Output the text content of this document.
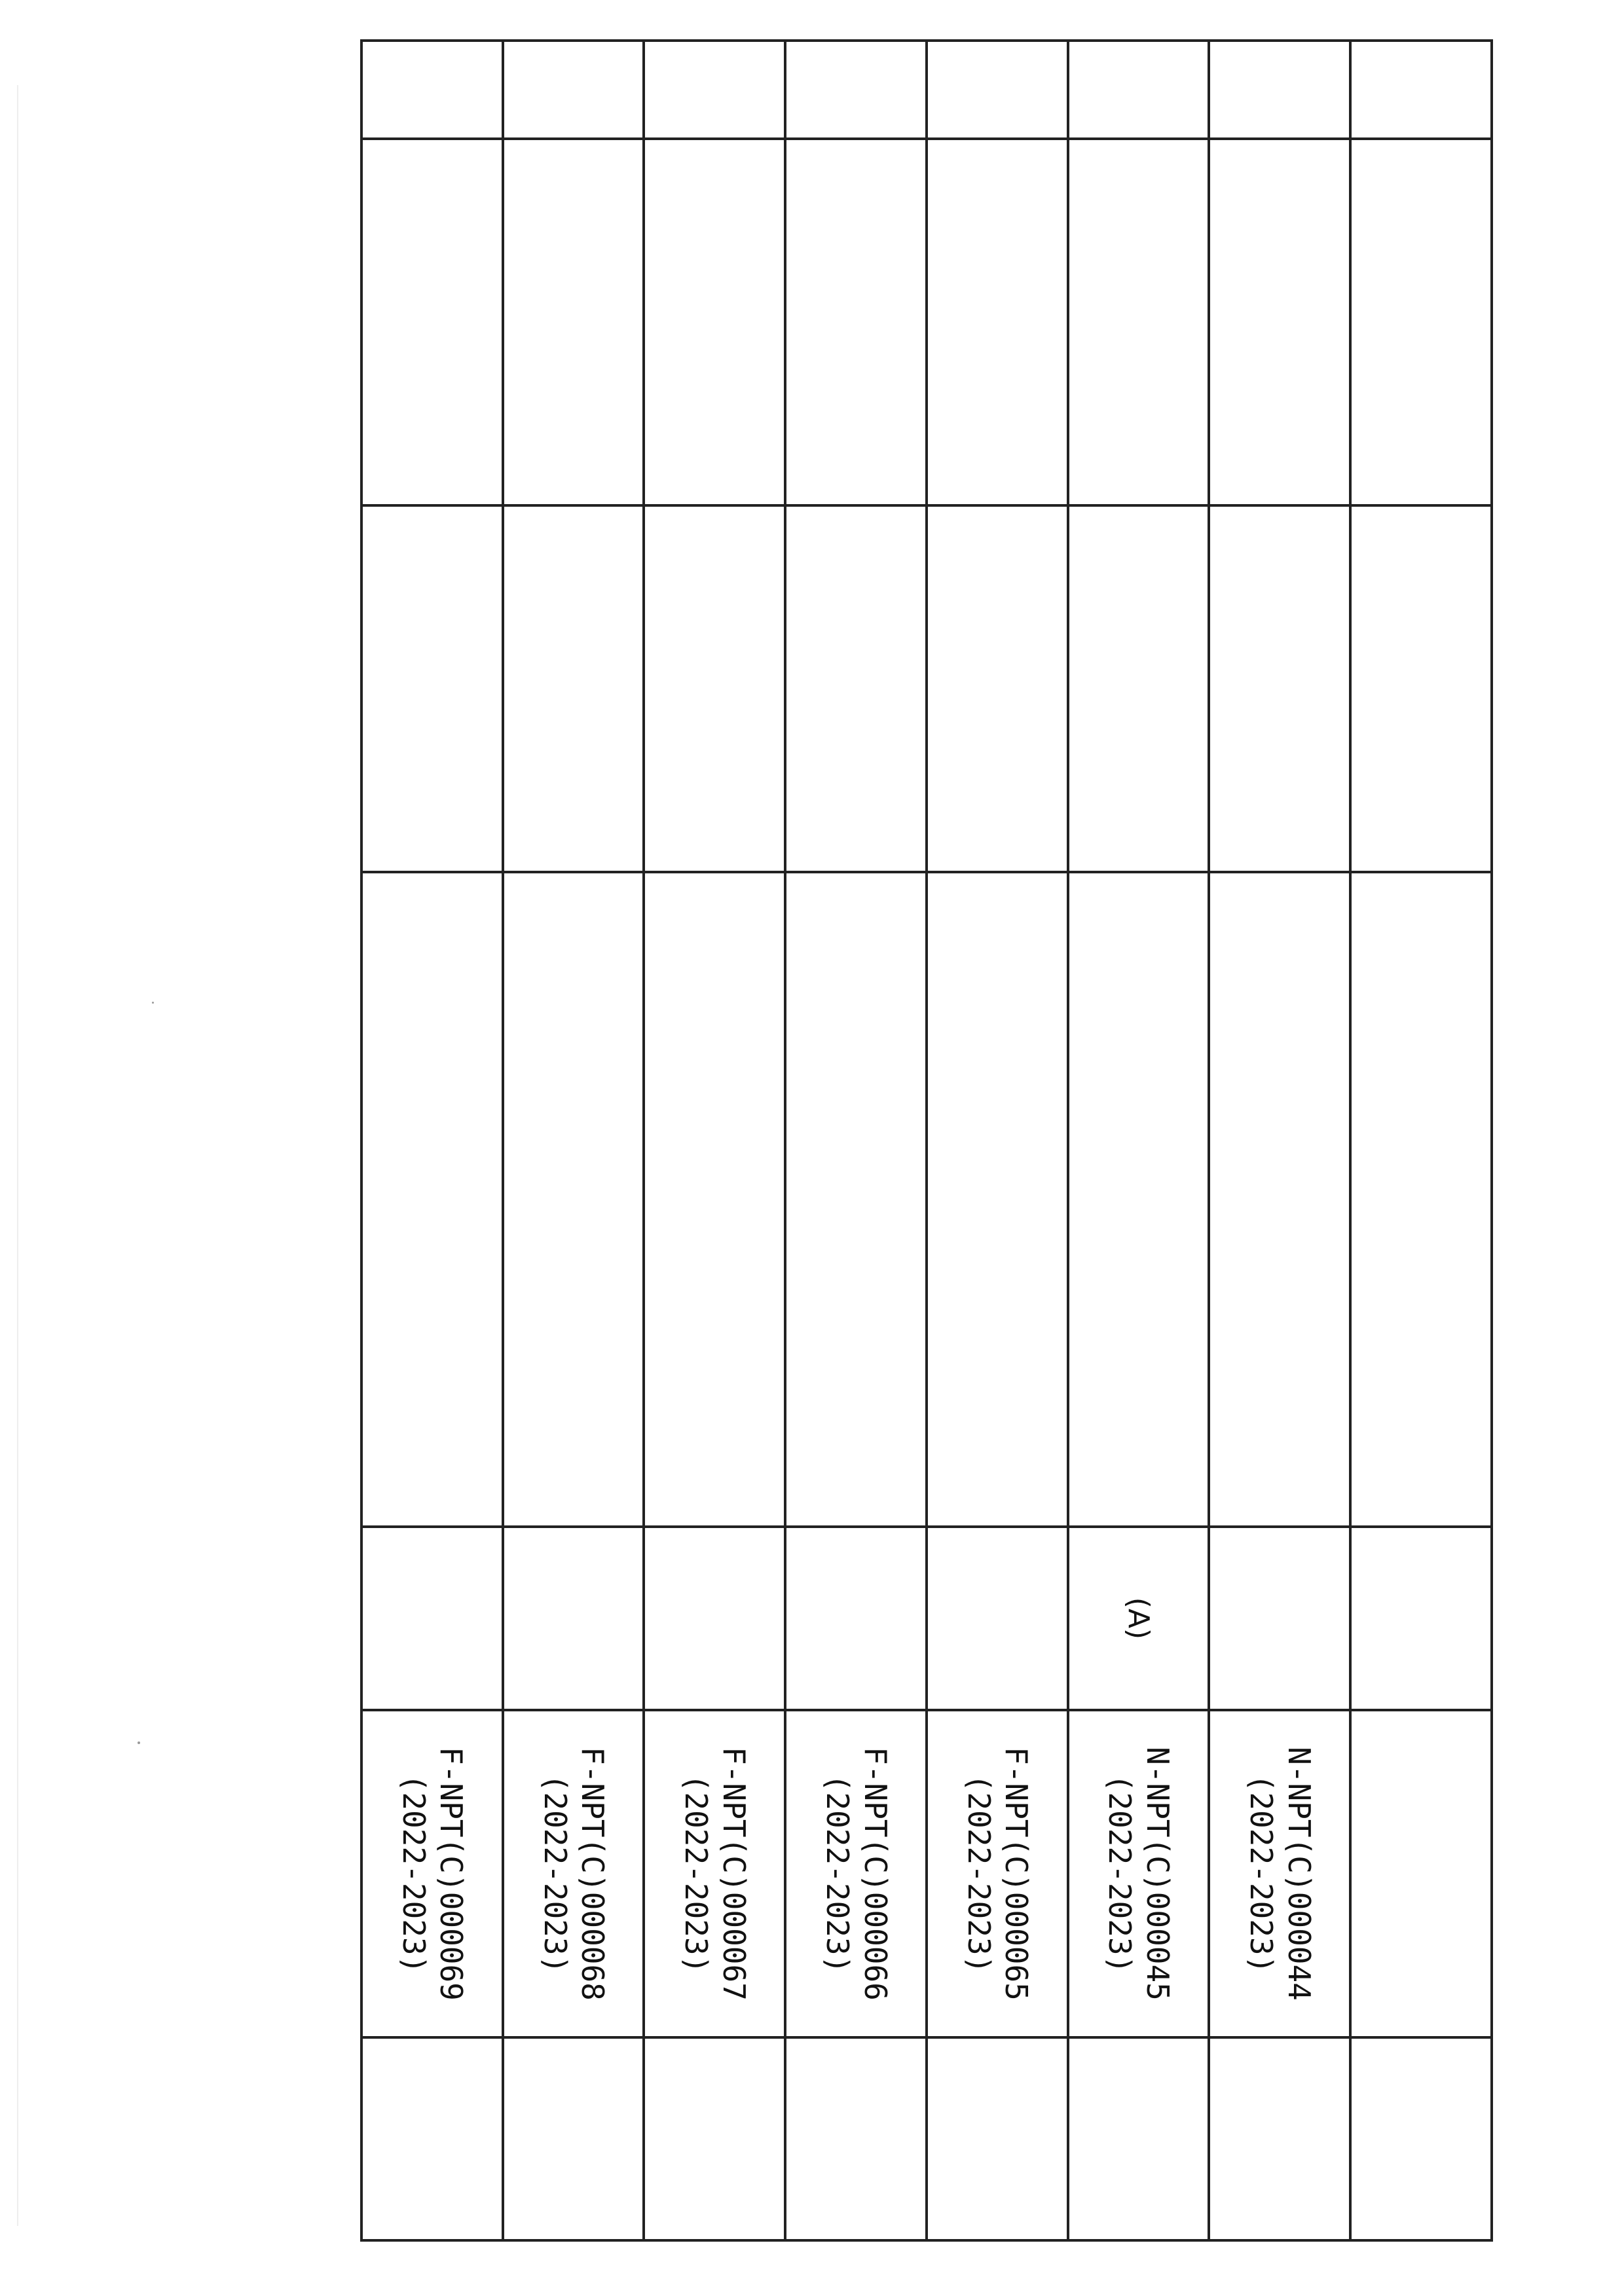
					N-NPT(C)000044
(2022-2023)	
				(A)	N-NPT(C)000045
(2022-2023)	
					F-NPT(C)000065
(2022-2023)	
					F-NPT(C)000066
(2022-2023)	
					F-NPT(C)000067
(2022-2023)	
					F-NPT(C)000068
(2022-2023)	
					F-NPT(C)000069
(2022-2023)	
